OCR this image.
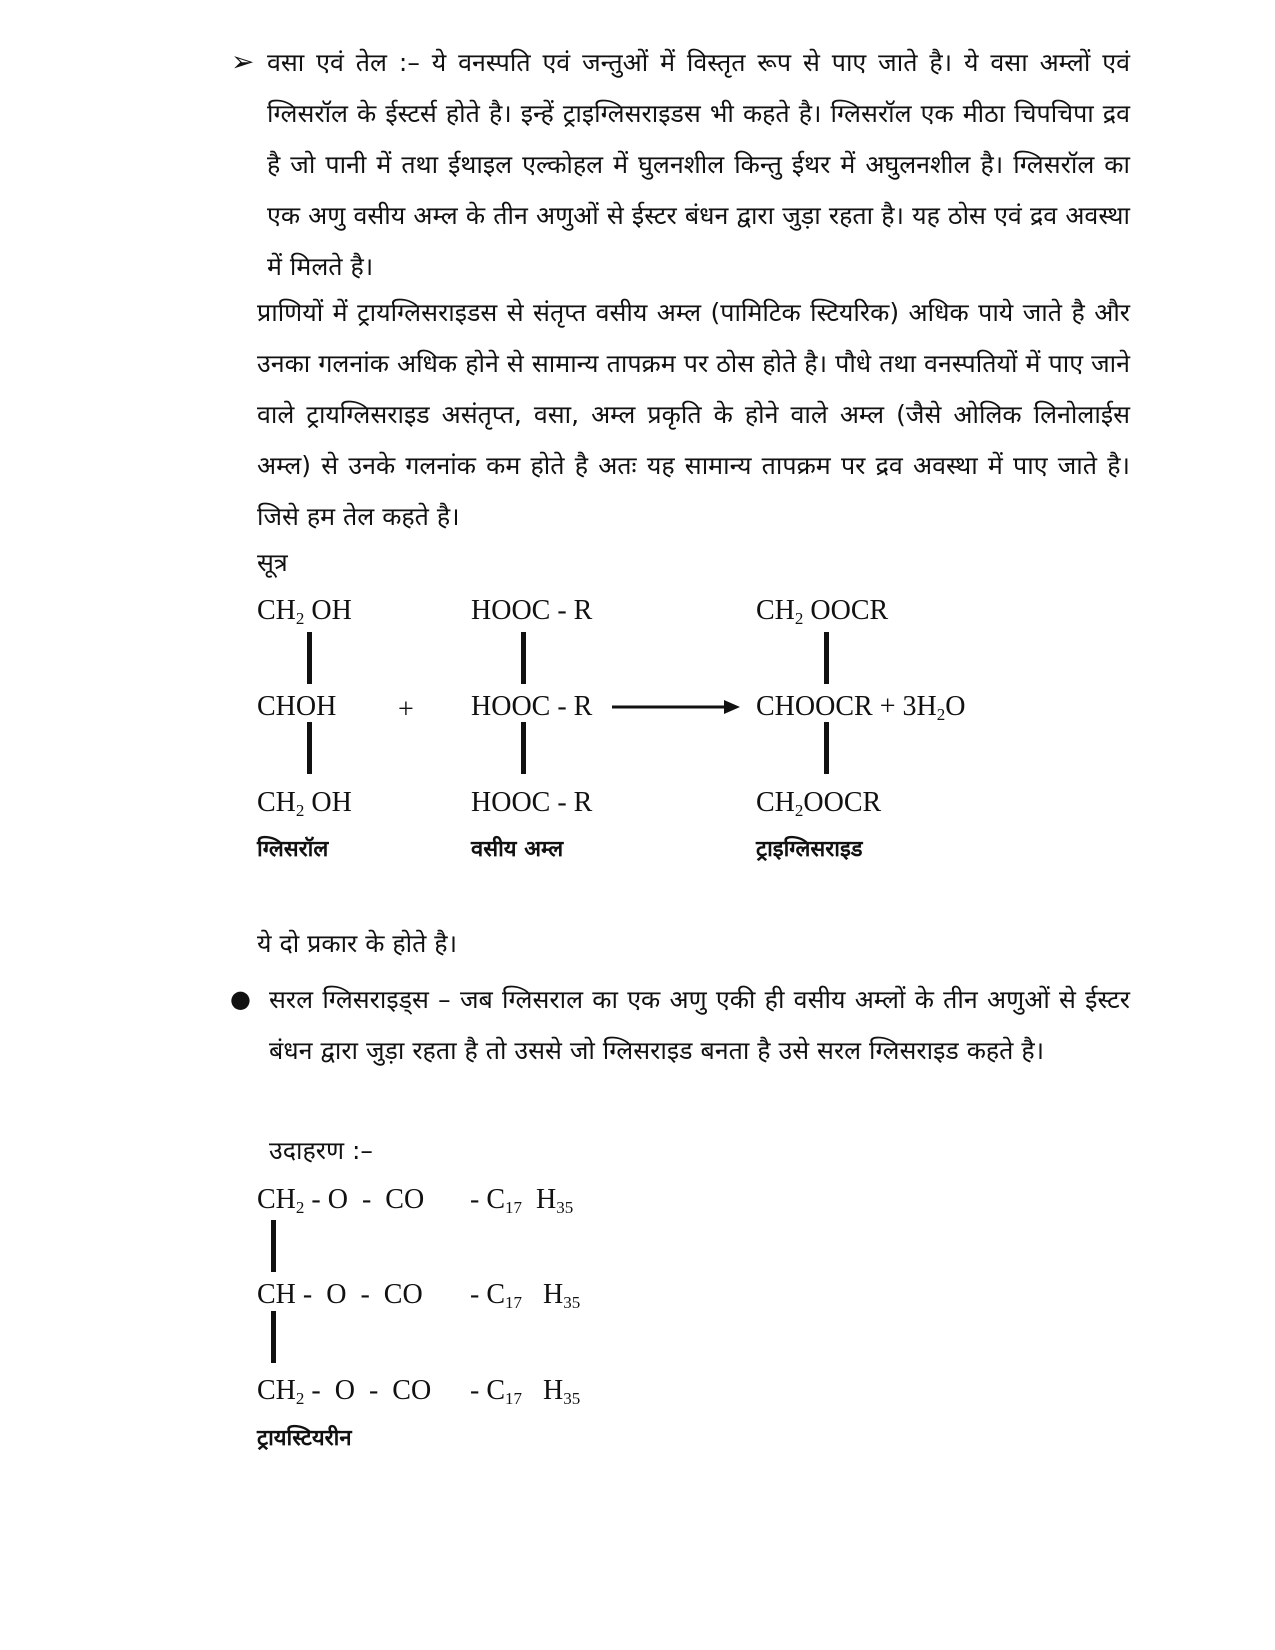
➢ वसा एवं तेल :– ये वनस्पति एवं जन्तुओं में विस्तृत रूप से पाए जाते है। ये वसा अम्लों एवं ग्लिसरॉल के ईस्टर्स होते है। इन्हें ट्राइग्लिसराइडस भी कहते है। ग्लिसरॉल एक मीठा चिपचिपा द्रव है जो पानी में तथा ईथाइल एल्कोहल में घुलनशील किन्तु ईथर में अघुलनशील है। ग्लिसरॉल का एक अणु वसीय अम्ल के तीन अणुओं से ईस्टर बंधन द्वारा जुड़ा रहता है। यह ठोस एवं द्रव अवस्था में मिलते है।

प्राणियों में ट्रायग्लिसराइडस से संतृप्त वसीय अम्ल (पामिटिक स्टियरिक) अधिक पाये जाते है और उनका गलनांक अधिक होने से सामान्य तापक्रम पर ठोस होते है। पौधे तथा वनस्पतियों में पाए जाने वाले ट्रायग्लिसराइड असंतृप्त, वसा, अम्ल प्रकृति के होने वाले अम्ल (जैसे ओलिक लिनोलाईस अम्ल) से उनके गलनांक कम होते है अतः यह सामान्य तापक्रम पर द्रव अवस्था में पाए जाते है। जिसे हम तेल कहते है।

सूत्र
$CH_2$ OH
CHOH
$CH_2$ OH
ग्लिसरॉल
+
HOOC - R
HOOC - R
HOOC - R
वसीय अम्ल
$CH_2$ OOCR
CHOOCR + $3H_2O$
$CH_2OOCR$
ट्राइग्लिसराइड
ये दो प्रकार के होते है।
● सरल ग्लिसराइड्स – जब ग्लिसराल का एक अणु एकी ही वसीय अम्लों के तीन अणुओं से ईस्टर बंधन द्वारा जुड़ा रहता है तो उससे जो ग्लिसराइड बनता है उसे सरल ग्लिसराइड कहते है।

उदाहरण :–
$CH_2$ - O  -  CO - $C_{17}$  $H_{35}$
CH -  O  -  CO - $C_{17}$   $H_{35}$
$CH_2$ -  O  -  CO - $C_{17}$   $H_{35}$
ट्रायस्टियरीन
